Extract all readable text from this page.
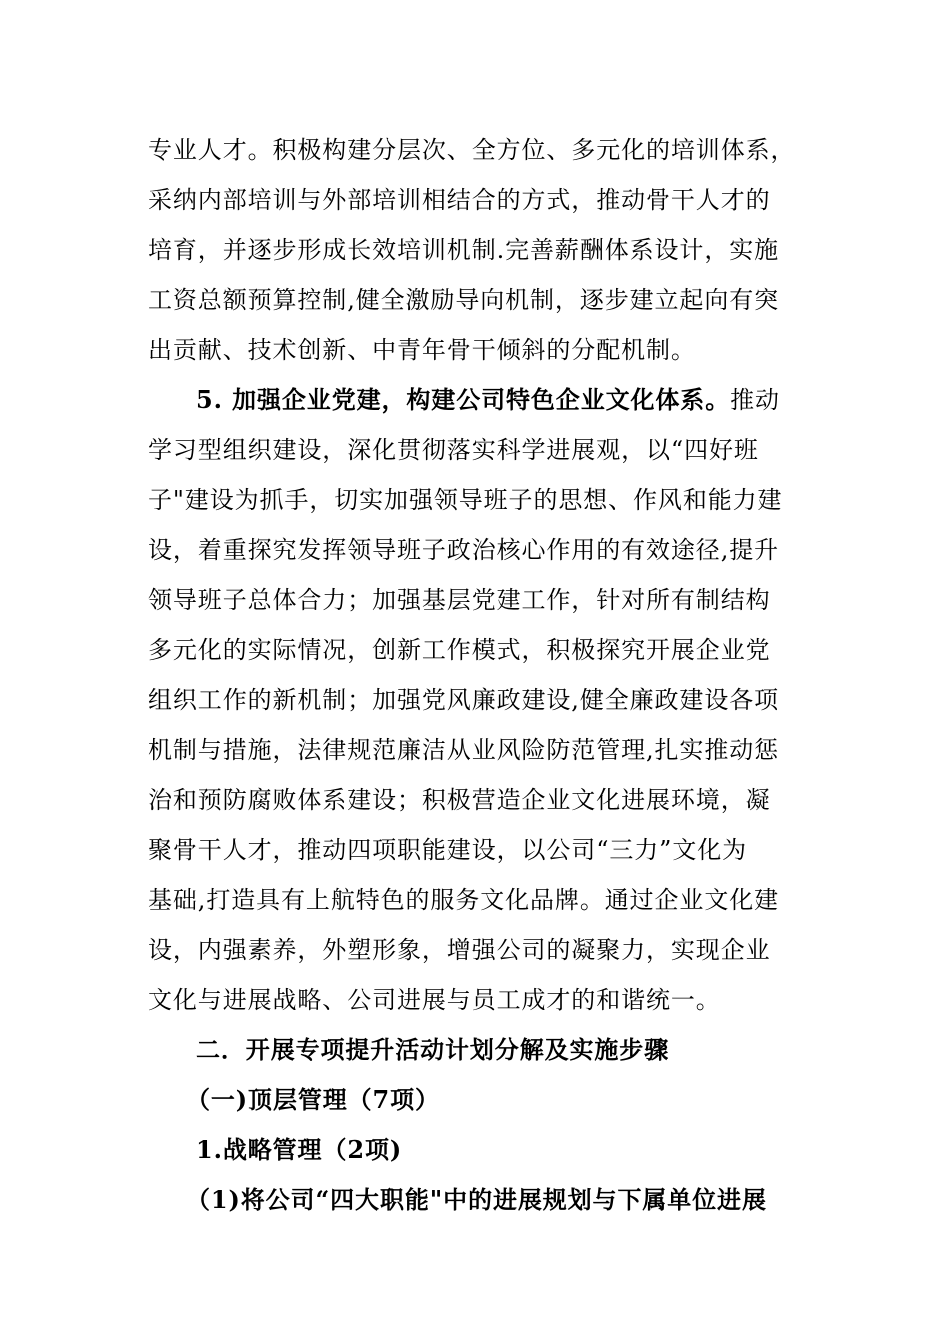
专业人才。积极构建分层次、全方位、多元化的培训体系，
采纳内部培训与外部培训相结合的方式，推动骨干人才的
培育，并逐步形成长效培训机制.完善薪酬体系设计，实施
工资总额预算控制,健全激励导向机制，逐步建立起向有突
出贡献、技术创新、中青年骨干倾斜的分配机制。
5. 加强企业党建，构建公司特色企业文化体系。推动
学习型组织建设，深化贯彻落实科学进展观，以“四好班
子"建设为抓手，切实加强领导班子的思想、作风和能力建
设，着重探究发挥领导班子政治核心作用的有效途径,提升
领导班子总体合力；加强基层党建工作，针对所有制结构
多元化的实际情况，创新工作模式，积极探究开展企业党
组织工作的新机制；加强党风廉政建设,健全廉政建设各项
机制与措施，法律规范廉洁从业风险防范管理,扎实推动惩
治和预防腐败体系建设；积极营造企业文化进展环境，凝
聚骨干人才，推动四项职能建设，以公司“三力”文化为
基础,打造具有上航特色的服务文化品牌。通过企业文化建
设，内强素养，外塑形象，增强公司的凝聚力，实现企业
文化与进展战略、公司进展与员工成才的和谐统一。
二．开展专项提升活动计划分解及实施步骤
（一)顶层管理（7项）
1.战略管理（2项)
（1)将公司“四大职能"中的进展规划与下属单位进展
